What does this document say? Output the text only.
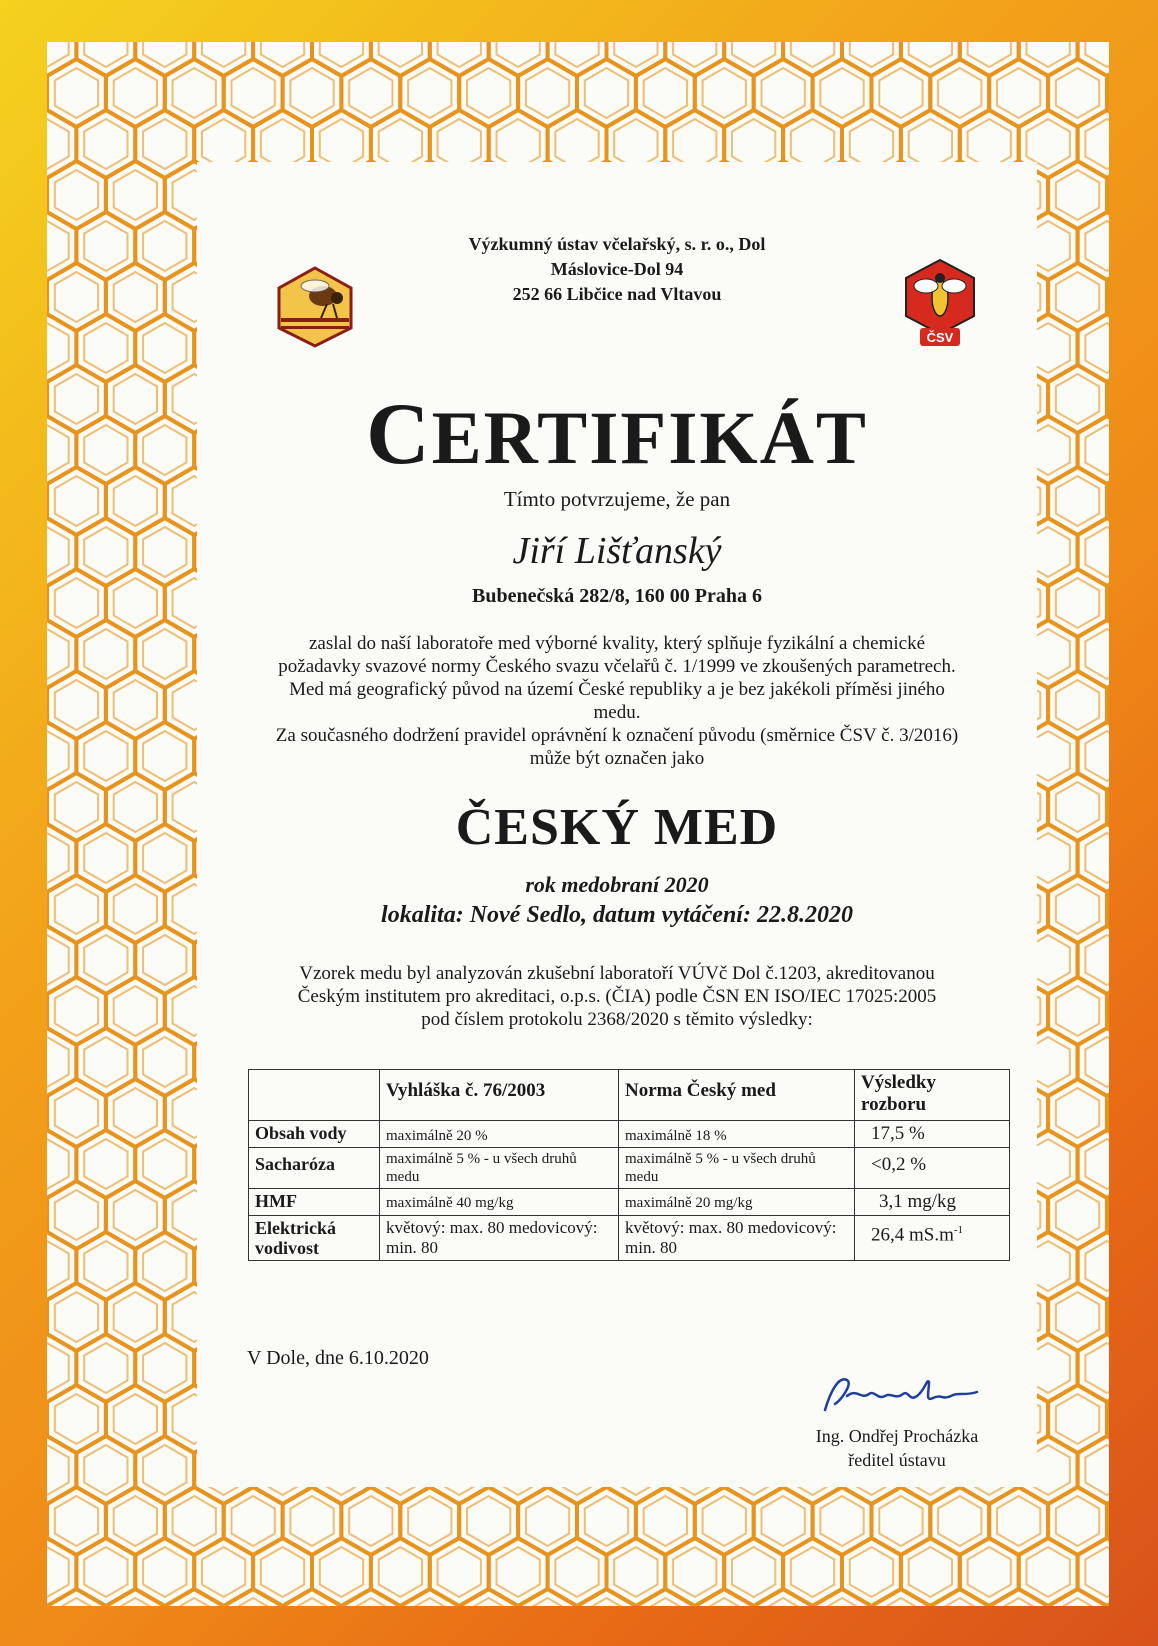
Výzkumný ústav včelařský, s. r. o., Dol
Máslovice-Dol 94
252 66 Libčice nad Vltavou
ČSV
CERTIFIKÁT
Tímto potvrzujeme, že pan
Jiří Lišťanský
Bubenečská 282/8, 160 00 Praha 6
zaslal do naší laboratoře med výborné kvality, který splňuje fyzikální a chemické
požadavky svazové normy Českého svazu včelařů č. 1/1999 ve zkoušených parametrech.
Med má geografický původ na území České republiky a je bez jakékoli příměsi jiného
medu.
Za současného dodržení pravidel oprávnění k označení původu (směrnice ČSV č. 3/2016)
může být označen jako
ČESKÝ MED
rok medobraní 2020
lokalita: Nové Sedlo, datum vytáčení: 22.8.2020
Vzorek medu byl analyzován zkušební laboratoří VÚVč Dol č.1203, akreditovanou
Českým institutem pro akreditaci, o.p.s. (ČIA) podle ČSN EN ISO/IEC 17025:2005
pod číslem protokolu 2368/2020 s těmito výsledky:
	Vyhláška č. 76/2003	Norma Český med	Výsledky rozboru
Obsah vody	maximálně 20 %	maximálně 18 %	17,5 %
Sacharóza	maximálně 5 % - u všech druhů medu	maximálně 5 % - u všech druhů medu	<0,2 %
HMF	maximálně 40 mg/kg	maximálně 20 mg/kg	3,1 mg/kg
Elektrická vodivost	květový: max. 80 medovicový: min. 80	květový: max. 80 medovicový: min. 80	26,4 $mS.m^{-1}$
V Dole, dne 6.10.2020
Ing. Ondřej Procházka
ředitel ústavu
